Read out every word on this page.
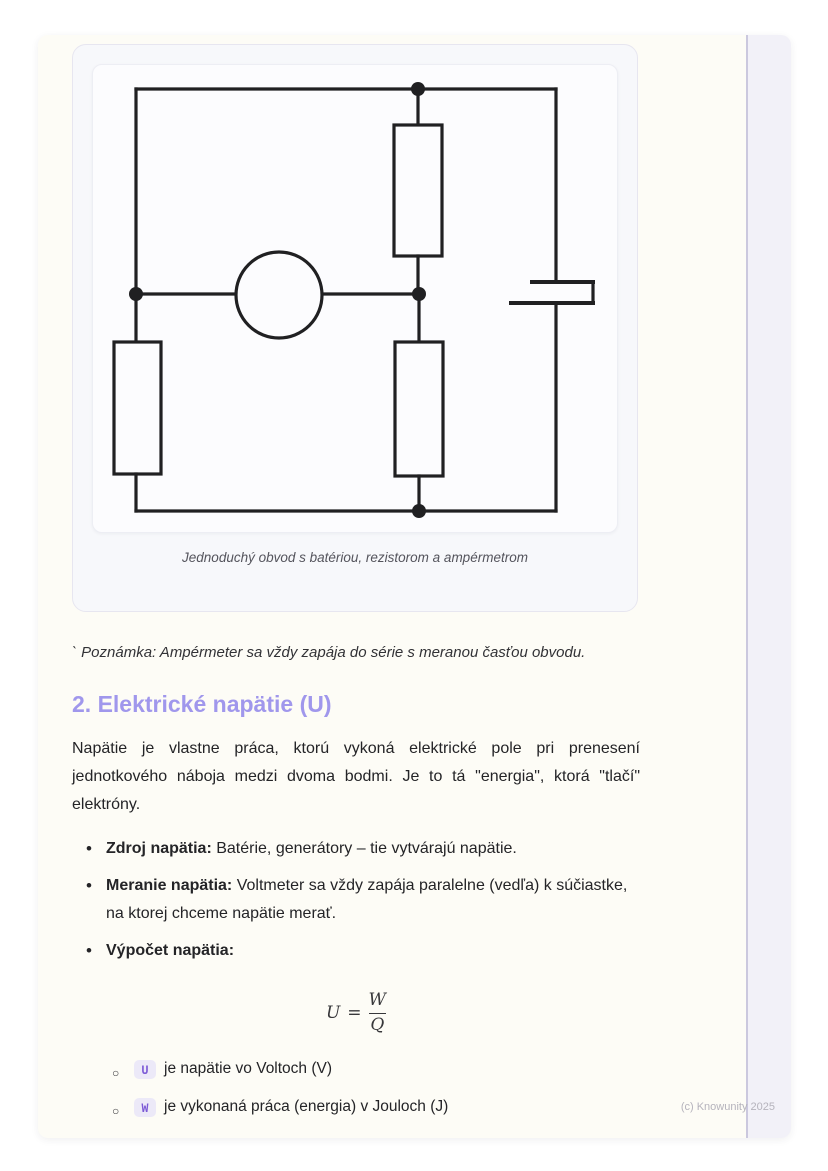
Jednoduchý obvod s batériou, rezistorom a ampérmetrom
` Poznámka: Ampérmeter sa vždy zapája do série s meranou časťou obvodu.
2. Elektrické napätie (U)

Napätie je vlastne práca, ktorú vykoná elektrické pole pri prenesení jednotkového náboja medzi dvoma bodmi. Je to tá "energia", ktorá "tlačí" elektróny.

• Zdroj napätia: Batérie, generátory – tie vytvárajú napätie.
• Meranie napätia: Voltmeter sa vždy zapája paralelne (vedľa) k súčiastke, na ktorej chceme napätie merať.
• Výpočet napätia:
$U = \frac{W}{Q}$
○ U	je napätie vo Voltoch (V)
○ W	je vykonaná práca (energia) v Jouloch (J)	(c) Knowunity 2025
